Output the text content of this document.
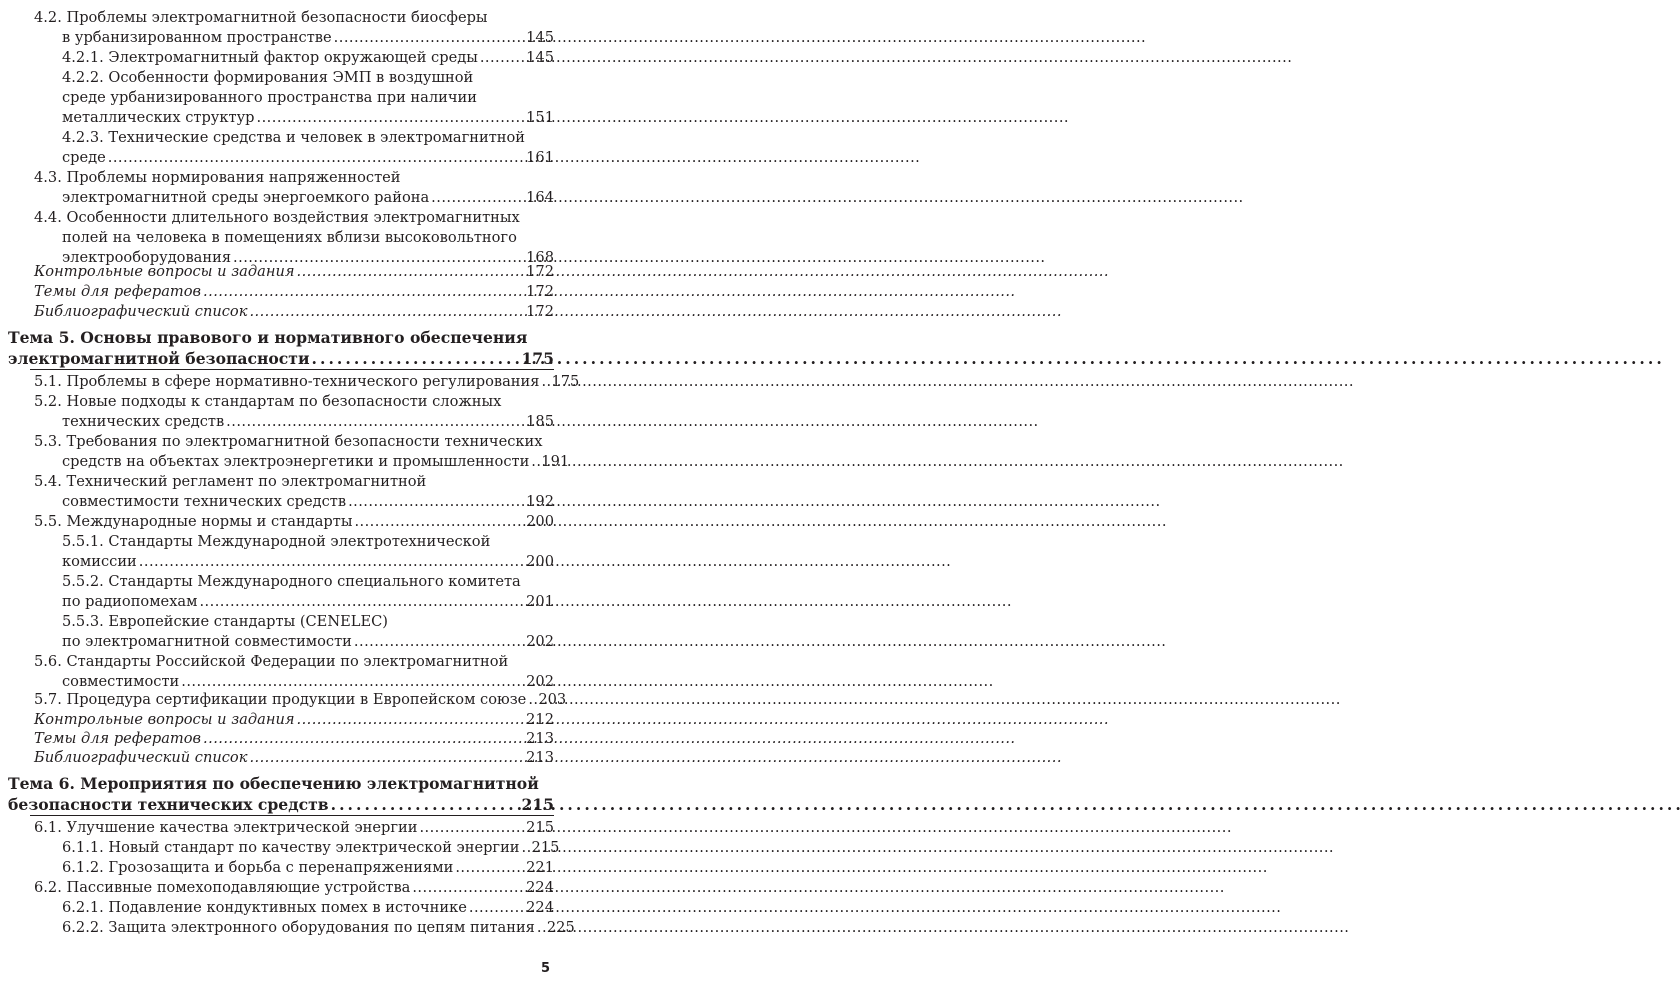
4.2. Проблемы электромагнитной безопасности биосферы
в урбанизированном пространстве . . .	145
4.2.1. Электромагнитный фактор окружающей среды . . .	145
4.2.2. Особенности формирования ЭМП в воздушной
среде урбанизированного пространства при наличии
металлических структур . . .	151
4.2.3. Технические средства и человек в электромагнитной
среде . . .	161
4.3. Проблемы нормирования напряженностей
электромагнитной среды энергоемкого района . . .	164
4.4. Особенности длительного воздействия электромагнитных
полей на человека в помещениях вблизи высоковольтного
электрооборудования . . .	168
Контрольные вопросы и задания . . .	172
Темы для рефератов . . .	172
Библиографический список . . .	172
Тема 5. Основы правового и нормативного обеспечения
электромагнитной безопасности . . .	175
5.1. Проблемы в сфере нормативно-технического регулирования . . . 175
5.2. Новые подходы к стандартам по безопасности сложных
технических средств . . .	185
5.3. Требования по электромагнитной безопасности технических
средств на объектах электроэнергетики и промышленности . . . 191
5.4. Технический регламент по электромагнитной
совместимости технических средств . . .	192
5.5. Международные нормы и стандарты . . .	200
5.5.1. Стандарты Международной электротехнической
комиссии . . .	200
5.5.2. Стандарты Международного специального комитета
по радиопомехам . . .	201
5.5.3. Европейские стандарты (CENELEC)
по электромагнитной совместимости . . .	202
5.6. Стандарты Российской Федерации по электромагнитной
совместимости . . .	202
5.7. Процедура сертификации продукции в Европейском союзе . . . 203
Контрольные вопросы и задания . . .	212
Темы для рефератов . . .	213
Библиографический список . . .	213
Тема 6. Мероприятия по обеспечению электромагнитной
безопасности технических средств . . .	215
6.1. Улучшение качества электрической энергии . . .	215
6.1.1. Новый стандарт по качеству электрической энергии . . . 215
6.1.2. Грозозащита и борьба с перенапряжениями . . .	221
6.2. Пассивные помехоподавляющие устройства . . .	224
6.2.1. Подавление кондуктивных помех в источнике . . .	224
6.2.2. Защита электронного оборудования по цепям питания . . . 225
5
